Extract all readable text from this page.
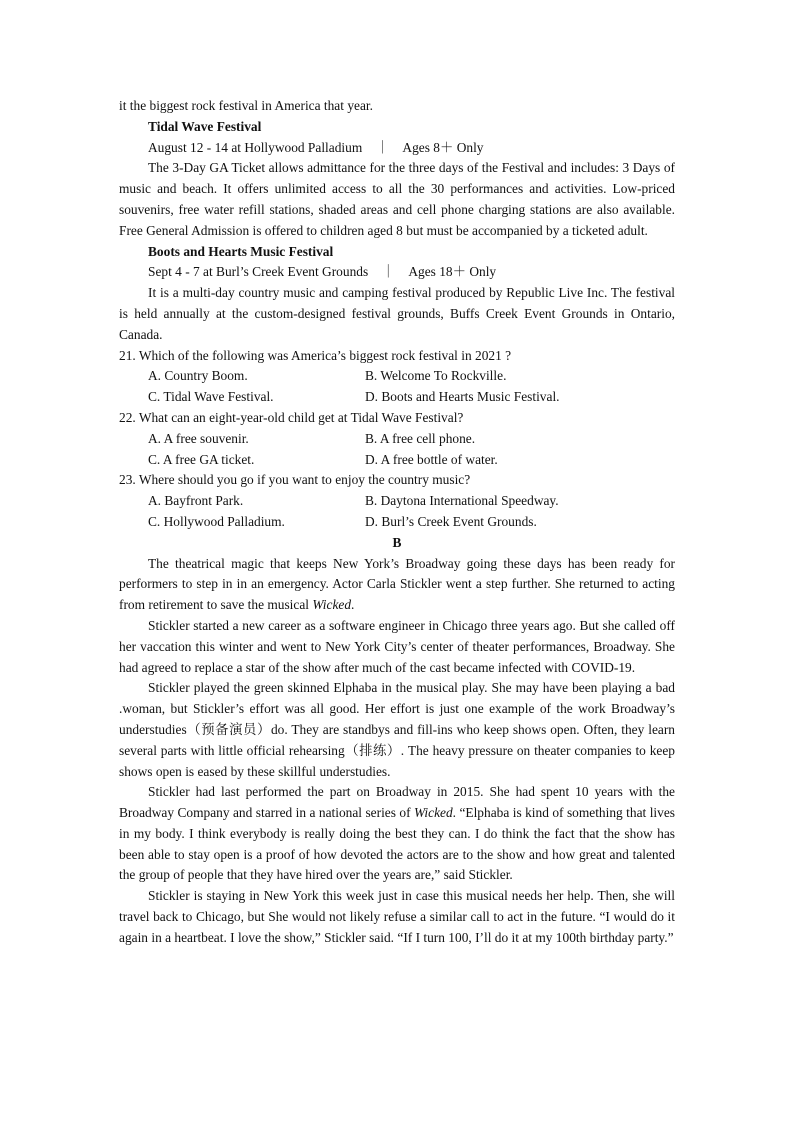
it the biggest rock festival in America that year.

Tidal Wave Festival

August 12 - 14 at Hollywood Palladium　｜　Ages 8＋ Only

The 3-Day GA Ticket allows admittance for the three days of the Festival and includes: 3 Days of music and beach. It offers unlimited access to all the 30 performances and activities. Low-priced souvenirs, free water refill stations, shaded areas and cell phone charging stations are also available. Free General Admission is offered to children aged 8 but must be accompanied by a ticketed adult.

Boots and Hearts Music Festival

Sept 4 - 7 at Burl’s Creek Event Grounds　｜　Ages 18＋ Only

It is a multi-day country music and camping festival produced by Republic Live Inc. The festival is held annually at the custom-designed festival grounds, Buffs Creek Event Grounds in Ontario, Canada.

21. Which of the following was America’s biggest rock festival in 2021 ?

A. Country Boom.	B. Welcome To Rockville.
C. Tidal Wave Festival.	D. Boots and Hearts Music Festival.

22. What can an eight-year-old child get at Tidal Wave Festival?

A. A free souvenir.	B. A free cell phone.
C. A free GA ticket.	D. A free bottle of water.

23. Where should you go if you want to enjoy the country music?

A. Bayfront Park.	B. Daytona International Speedway.
C. Hollywood Palladium.	D. Burl’s Creek Event Grounds.

B

The theatrical magic that keeps New York’s Broadway going these days has been ready for performers to step in in an emergency. Actor Carla Stickler went a step further. She returned to acting from retirement to save the musical Wicked.

Stickler started a new career as a software engineer in Chicago three years ago. But she called off her vaccation this winter and went to New York City’s center of theater performances, Broadway. She had agreed to replace a star of the show after much of the cast became infected with COVID-19.

Stickler played the green skinned Elphaba in the musical play. She may have been playing a bad .woman, but Stickler’s effort was all good. Her effort is just one example of the work Broadway’s understudies（预备演员）do. They are standbys and fill-ins who keep shows open. Often, they learn several parts with little official rehearsing（排练）. The heavy pressure on theater companies to keep shows open is eased by these skillful understudies.

Stickler had last performed the part on Broadway in 2015. She had spent 10 years with the Broadway Company and starred in a national series of Wicked. “Elphaba is kind of something that lives in my body. I think everybody is really doing the best they can. I do think the fact that the show has been able to stay open is a proof of how devoted the actors are to the show and how great and talented the group of people that they have hired over the years are,” said Stickler.

Stickler is staying in New York this week just in case this musical needs her help. Then, she will travel back to Chicago, but She would not likely refuse a similar call to act in the future. “I would do it again in a heartbeat. I love the show,” Stickler said. “If I turn 100, I’ll do it at my 100th birthday party.”
